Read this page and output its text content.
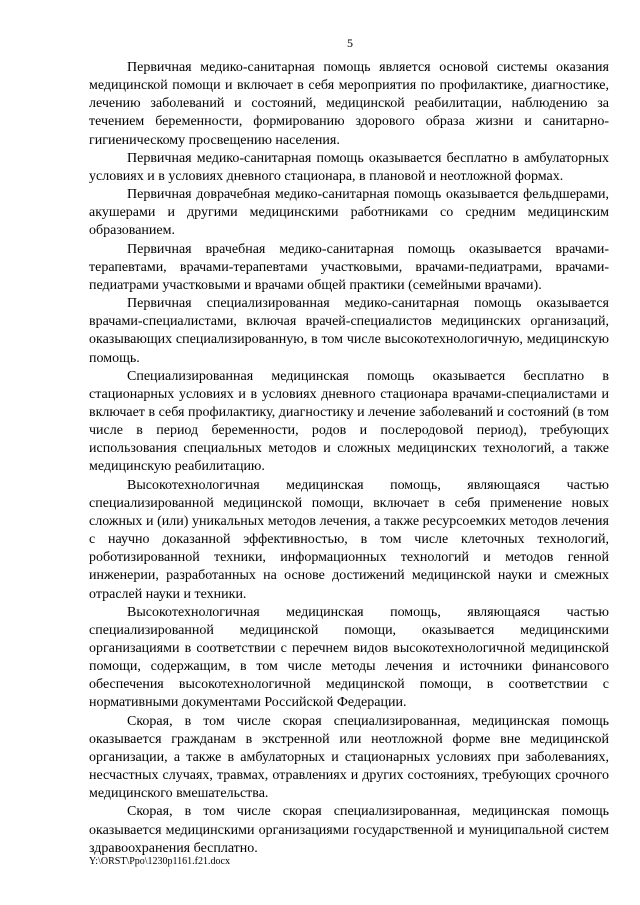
5

Первичная медико-санитарная помощь является основой системы оказания медицинской помощи и включает в себя мероприятия по профилактике, диагностике, лечению заболеваний и состояний, медицинской реабилитации, наблюдению за течением беременности, формированию здорового образа жизни и санитарно-гигиеническому просвещению населения.

Первичная медико-санитарная помощь оказывается бесплатно в амбулаторных условиях и в условиях дневного стационара, в плановой и неотложной формах.

Первичная доврачебная медико-санитарная помощь оказывается фельдшерами, акушерами и другими медицинскими работниками со средним медицинским образованием.

Первичная врачебная медико-санитарная помощь оказывается врачами-терапевтами, врачами-терапевтами участковыми, врачами-педиатрами, врачами-педиатрами участковыми и врачами общей практики (семейными врачами).

Первичная специализированная медико-санитарная помощь оказывается врачами-специалистами, включая врачей-специалистов медицинских организаций, оказывающих специализированную, в том числе высокотехнологичную, медицинскую помощь.

Специализированная медицинская помощь оказывается бесплатно в стационарных условиях и в условиях дневного стационара врачами-специалистами и включает в себя профилактику, диагностику и лечение заболеваний и состояний (в том числе в период беременности, родов и послеродовой период), требующих использования специальных методов и сложных медицинских технологий, а также медицинскую реабилитацию.

Высокотехнологичная медицинская помощь, являющаяся частью специализированной медицинской помощи, включает в себя применение новых сложных и (или) уникальных методов лечения, а также ресурсоемких методов лечения с научно доказанной эффективностью, в том числе клеточных технологий, роботизированной техники, информационных технологий и методов генной инженерии, разработанных на основе достижений медицинской науки и смежных отраслей науки и техники.

Высокотехнологичная медицинская помощь, являющаяся частью специализированной медицинской помощи, оказывается медицинскими организациями в соответствии с перечнем видов высокотехнологичной медицинской помощи, содержащим, в том числе методы лечения и источники финансового обеспечения высокотехнологичной медицинской помощи, в соответствии с нормативными документами Российской Федерации.

Скорая, в том числе скорая специализированная, медицинская помощь оказывается гражданам в экстренной или неотложной форме вне медицинской организации, а также в амбулаторных и стационарных условиях при заболеваниях, несчастных случаях, травмах, отравлениях и других состояниях, требующих срочного медицинского вмешательства.

Скорая, в том числе скорая специализированная, медицинская помощь оказывается медицинскими организациями государственной и муниципальной систем здравоохранения бесплатно.

Y:\ORST\Ppo\1230p1161.f21.docx
